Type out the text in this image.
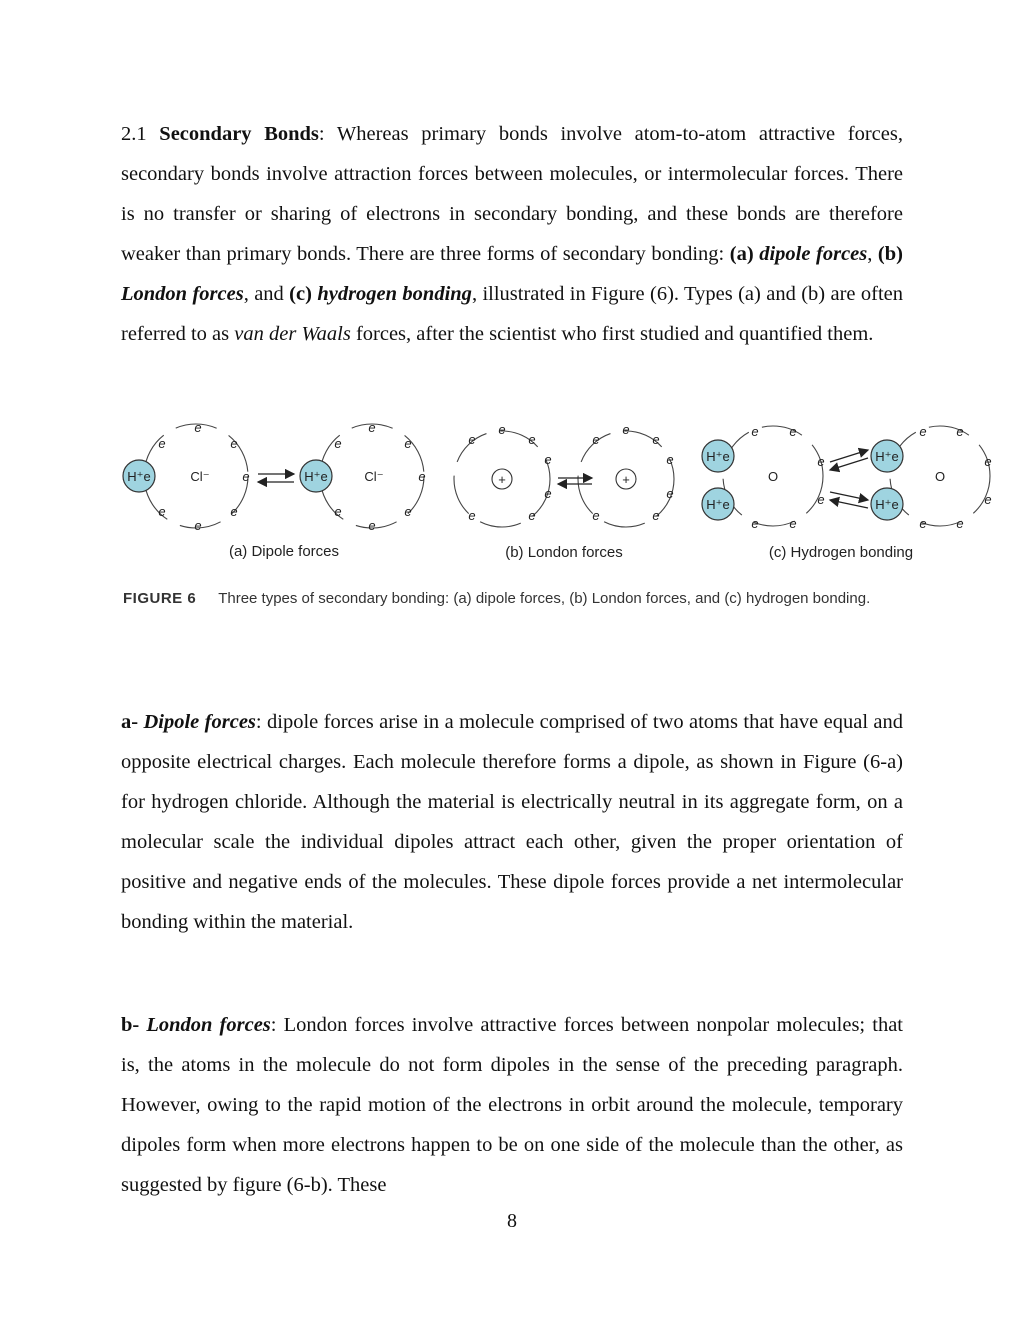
2.1 Secondary Bonds: Whereas primary bonds involve atom-to-atom attractive forces, secondary bonds involve attraction forces between molecules, or intermolecular forces. There is no transfer or sharing of electrons in secondary bonding, and these bonds are therefore weaker than primary bonds. There are three forms of secondary bonding: (a) dipole forces, (b) London forces, and (c) hydrogen bonding, illustrated in Figure (6). Types (a) and (b) are often referred to as van der Waals forces, after the scientist who first studied and quantified them.

H⁺e	H⁺e
H⁺e
H⁺e
H⁺e
H⁺e
Cl⁻	Cl⁻	+	+	O	O
e
e	e
e
e	e
e
e
e	e
e
e	e
e
e
e	e
e
e
e	e
e
e	e
e
e
e	e
e e
e
e
e e
e e
e
e
e e
(a) Dipole forces	(b) London forces	(c) Hydrogen bonding
FIGURE 6 Three types of secondary bonding: (a) dipole forces, (b) London forces, and (c) hydrogen bonding.

a- Dipole forces: dipole forces arise in a molecule comprised of two atoms that have equal and opposite electrical charges. Each molecule therefore forms a dipole, as shown in Figure (6-a) for hydrogen chloride. Although the material is electrically neutral in its aggregate form, on a molecular scale the individual dipoles attract each other, given the proper orientation of positive and negative ends of the molecules. These dipole forces provide a net intermolecular bonding within the material.

b- London forces: London forces involve attractive forces between nonpolar molecules; that is, the atoms in the molecule do not form dipoles in the sense of the preceding paragraph. However, owing to the rapid motion of the electrons in orbit around the molecule, temporary dipoles form when more electrons happen to be on one side of the molecule than the other, as suggested by figure (6-b). These

8
